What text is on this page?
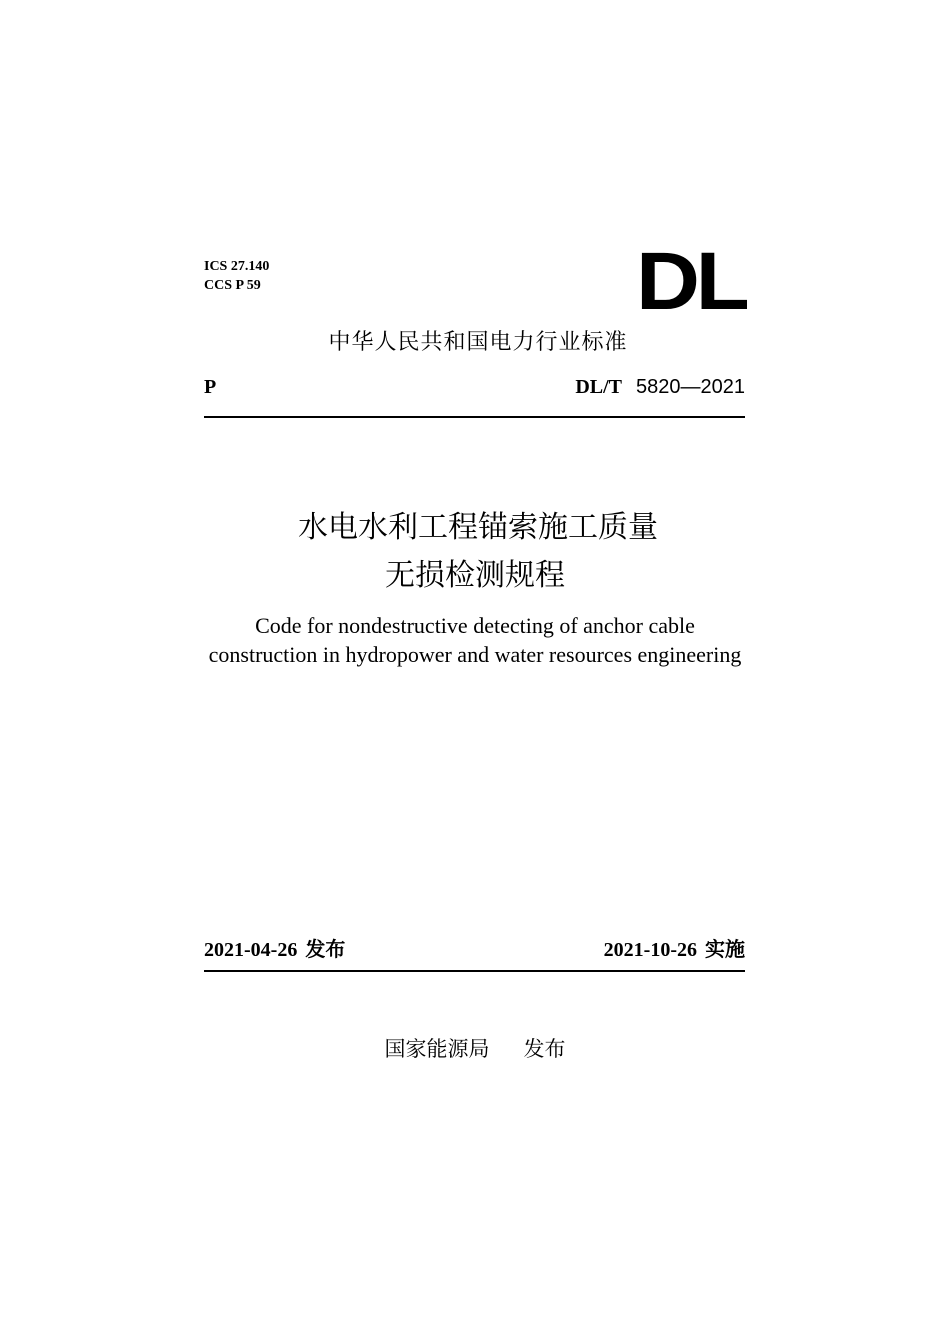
ICS 27.140
CCS P 59	DL
中华人民共和国电力行业标准
P	DL/T 5820—2021
水电水利工程锚索施工质量
无损检测规程
Code for nondestructive detecting of anchor cable
construction in hydropower and water resources engineering
2021-04-26 发布	2021-10-26 实施
国家能源局 发布
